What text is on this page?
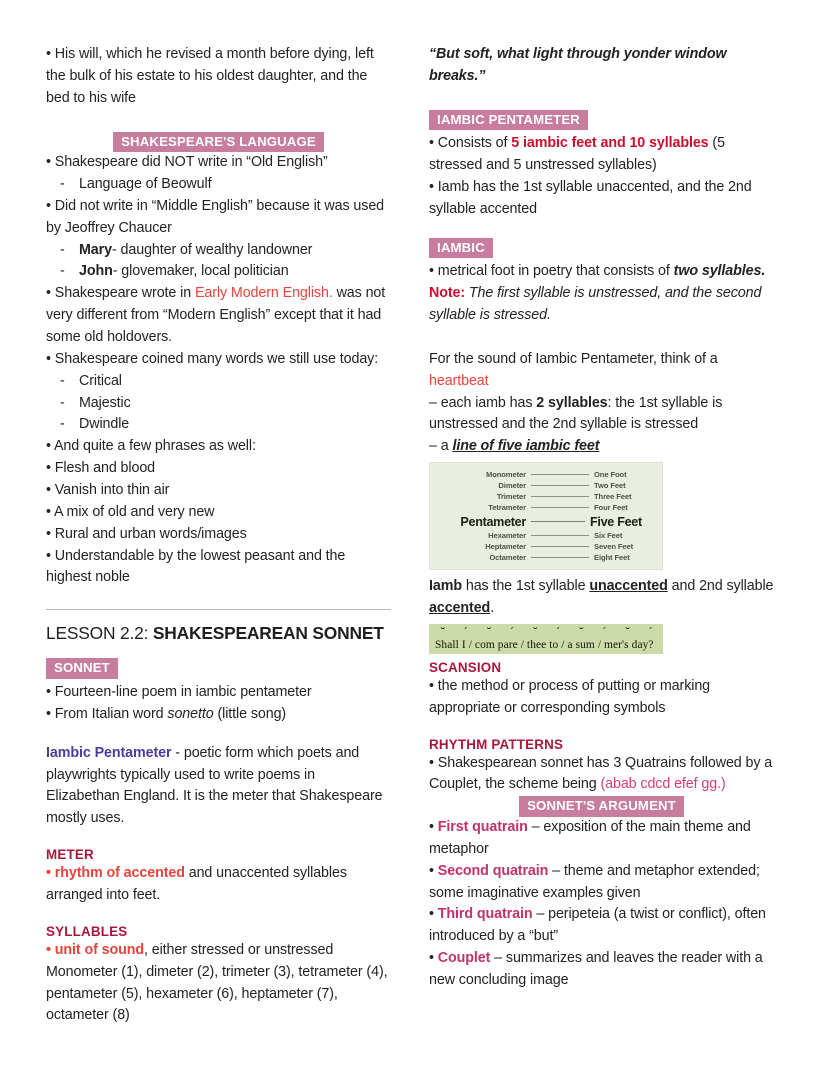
• His will, which he revised a month before dying, left the bulk of his estate to his oldest daughter, and the bed to his wife

SHAKESPEARE'S LANGUAGE

• Shakespeare did NOT write in “Old English”

- Language of Beowulf

• Did not write in “Middle English” because it was used by Jeoffrey Chaucer

- Mary- daughter of wealthy landowner

- John- glovemaker, local politician

• Shakespeare wrote in Early Modern English. was not very different from “Modern English” except that it had some old holdovers.

• Shakespeare coined many words we still use today:

- Critical

- Majestic

- Dwindle

• And quite a few phrases as well:

• Flesh and blood

• Vanish into thin air

• A mix of old and very new

• Rural and urban words/images

• Understandable by the lowest peasant and the highest noble

LESSON 2.2: SHAKESPEAREAN SONNET

SONNET

• Fourteen-line poem in iambic pentameter

• From Italian word sonetto (little song)

Iambic Pentameter - poetic form which poets and playwrights typically used to write poems in Elizabethan England. It is the meter that Shakespeare mostly uses.

METER

• rhythm of accented and unaccented syllables arranged into feet.

SYLLABLES

• unit of sound, either stressed or unstressed

Monometer (1), dimeter (2), trimeter (3), tetrameter (4), pentameter (5), hexameter (6), heptameter (7), octameter (8)

“But soft, what light through yonder window breaks.”

IAMBIC PENTAMETER

• Consists of 5 iambic feet and 10 syllables (5 stressed and 5 unstressed syllables)

• Iamb has the 1st syllable unaccented, and the 2nd syllable accented

IAMBIC

• metrical foot in poetry that consists of two syllables.

Note: The first syllable is unstressed, and the second syllable is stressed.

For the sound of Iambic Pentameter, think of a heartbeat

– each iamb has 2 syllables: the 1st syllable is unstressed and the 2nd syllable is stressed

– a line of five iambic feet

Monometer	One Foot
Dimeter	Two Feet
Trimeter	Three Feet
Tetrameter	Four Feet
Pentameter	Five Feet
Hexameter	Six Feet
Heptameter	Seven Feet
Octameter	Eight Feet

Iamb has the 1st syllable unaccented and 2nd syllable accented.

˘ ´ ˘ ´ ˘ ´ ˘ ´ ˘ ´
Shall I / com pare / thee to / a sum / mer's day?

SCANSION

• the method or process of putting or marking appropriate or corresponding symbols

RHYTHM PATTERNS

• Shakespearean sonnet has 3 Quatrains followed by a Couplet, the scheme being (abab cdcd efef gg.)

SONNET'S ARGUMENT

• First quatrain – exposition of the main theme and metaphor

• Second quatrain – theme and metaphor extended; some imaginative examples given

• Third quatrain – peripeteia (a twist or conflict), often introduced by a “but”

• Couplet – summarizes and leaves the reader with a new concluding image
